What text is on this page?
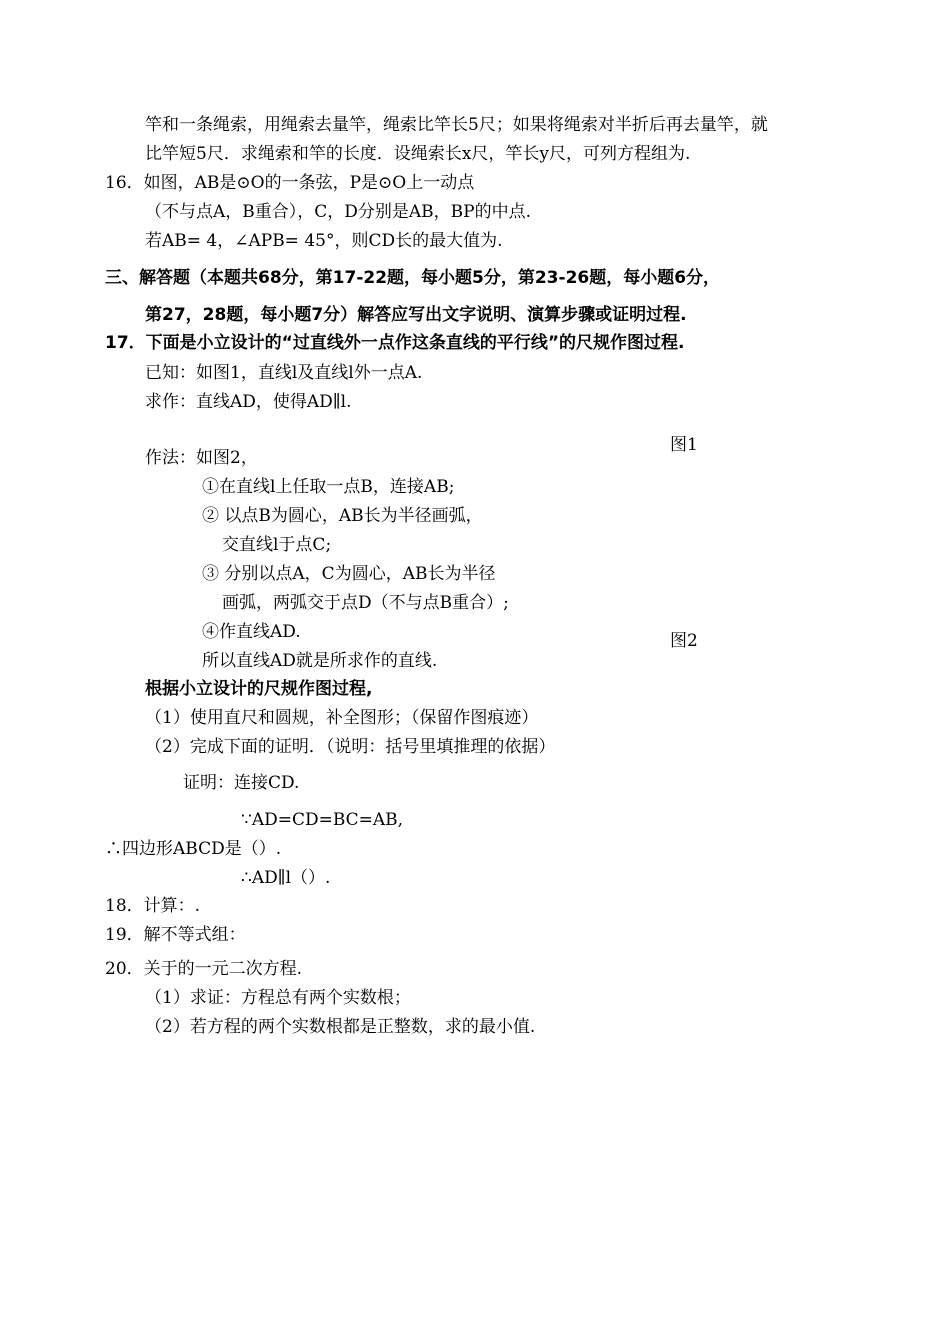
竿和一条绳索，用绳索去量竿，绳索比竿长5尺；如果将绳索对半折后再去量竿，就
比竿短5尺．求绳索和竿的长度．设绳索长x尺，竿长y尺，可列方程组为.
16．如图，AB是⊙O的一条弦，P是⊙O上一动点
（不与点A，B重合），C，D分别是AB，BP的中点.
若AB= 4，∠APB= 45°，则CD长的最大值为.
三、解答题（本题共68分，第17-22题，每小题5分，第23-26题，每小题6分，
第27，28题，每小题7分）解答应写出文字说明、演算步骤或证明过程.
17．下面是小立设计的“过直线外一点作这条直线的平行线”的尺规作图过程.
已知：如图1，直线l及直线l外一点A.
求作：直线AD，使得AD∥l.
作法：如图2，
①在直线l上任取一点B，连接AB;
② 以点B为圆心，AB长为半径画弧，
交直线l于点C;
③ 分别以点A，C为圆心，AB长为半径
画弧，两弧交于点D（不与点B重合）;
④作直线AD.
所以直线AD就是所求作的直线.
根据小立设计的尺规作图过程,
（1）使用直尺和圆规，补全图形；（保留作图痕迹）
（2）完成下面的证明．（说明：括号里填推理的依据）
证明：连接CD.
∵AD=CD=BC=AB,
∴四边形ABCD是（）.
∴AD∥l（）.
18．计算：.
19．解不等式组：
20．关于的一元二次方程.
（1）求证：方程总有两个实数根；
（2）若方程的两个实数根都是正整数，求的最小值.
图1
图2
